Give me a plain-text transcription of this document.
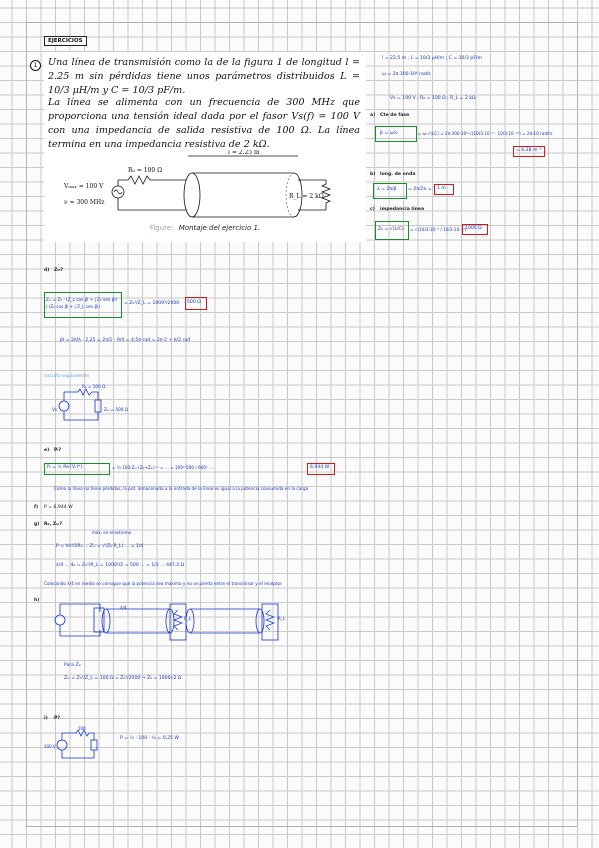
EJERCICIOS
1	Una línea de transmisión como la de la figura 1 de longitud l = 2.25 m sin pérdidas tiene unos parámetros distribuidos L = 10/3 μH/m y C = 10/3 pF/m.

La línea se alimenta con un frecuencia de 300 MHz que proporciona una tensión ideal dada por el fasor Vs(f) = 100 V con una impedancia de salida resistiva de 100 Ω. La línea termina en una impedancia resistiva de 2 kΩ.

l = 2.25 m
R₀ = 100 Ω
Vₘₐₓ = 100 V
ν = 300 MHz
R_L = 2 kΩ
Figure: Montaje del ejercicio 1.
l = 22,5 m ; L = 10/3 μH/m ; C = 10/3 pF/m
ω = 2π·300·10⁶ rad/s
Vs = 100 V ; R₀ = 100 Ω ; R_L = 2 kΩ
a) Cte de fase
β = ω/ν	= ω·√(LC) = 2π·300·10⁶·√(10/3·10⁻⁶ · 10/3·10⁻¹²) = 2π·10 rad/m
= 6,28 m⁻¹
b) long. de onda
λ = 2π/β = 2π/2π = 1 1 m
c) impedancia línea
Z₀ = √(L/C) = √(10/3·10⁻⁶ / 10/3·10⁻¹²)
1000 Ω
d) Zᵢₙ?
Zᵢₙ = Z₀ · (Z_L cos βl + j Z₀ sen βl) / (Z₀ cos βl + j Z_L sen βl)
= Z₀²/Z_L = 1000²/2000 500 Ω
βl = 2π/λ · 2,25 = 2π/1 · 9/4 = 4,5π rad = 2π·2 + π/2 rad
circuito equivalente
R₀ = 100 Ω
Zᵢₙ = 500 Ω
Vs
e) Pₗ?
Pₗ = ½ Re{V·I*}	= ½ 100·Zᵢₙ·(Z₀+Zᵢₙ)⁻² = ... = 100²·500 / 600² ...	6,944 W
Como la línea no tiene pérdidas, la pot. almacenada a la entrada de la línea es igual a la potencia consumida en la carga
f) P = 6,944 W
g) R₀, Zᵢₙ?
máx. en el extremo
P = Vs²/2R₀ ... Zᵢₙ = √(Z₀·R_L) ... = 1/4
λ/4 ... 4₀ = Z₀²/R_L = 1000²/2 = 500 ... = 1/2 ... 447,2 Ω
Colocando λ/4 en medio se consigue que la potencia sea máxima y no se pierda entre el transmisor y el receptor
h)
λ/4
R_L	R_L
Para Zᵢₙ
Zᵢₙ = Z₀²/Z_L = 100 Ω = Z₀²/2000 → Z₀ = 1000√2 Ω
i) P?
100
100 V
P = ½ · 100 · ½ = 0,25 W
